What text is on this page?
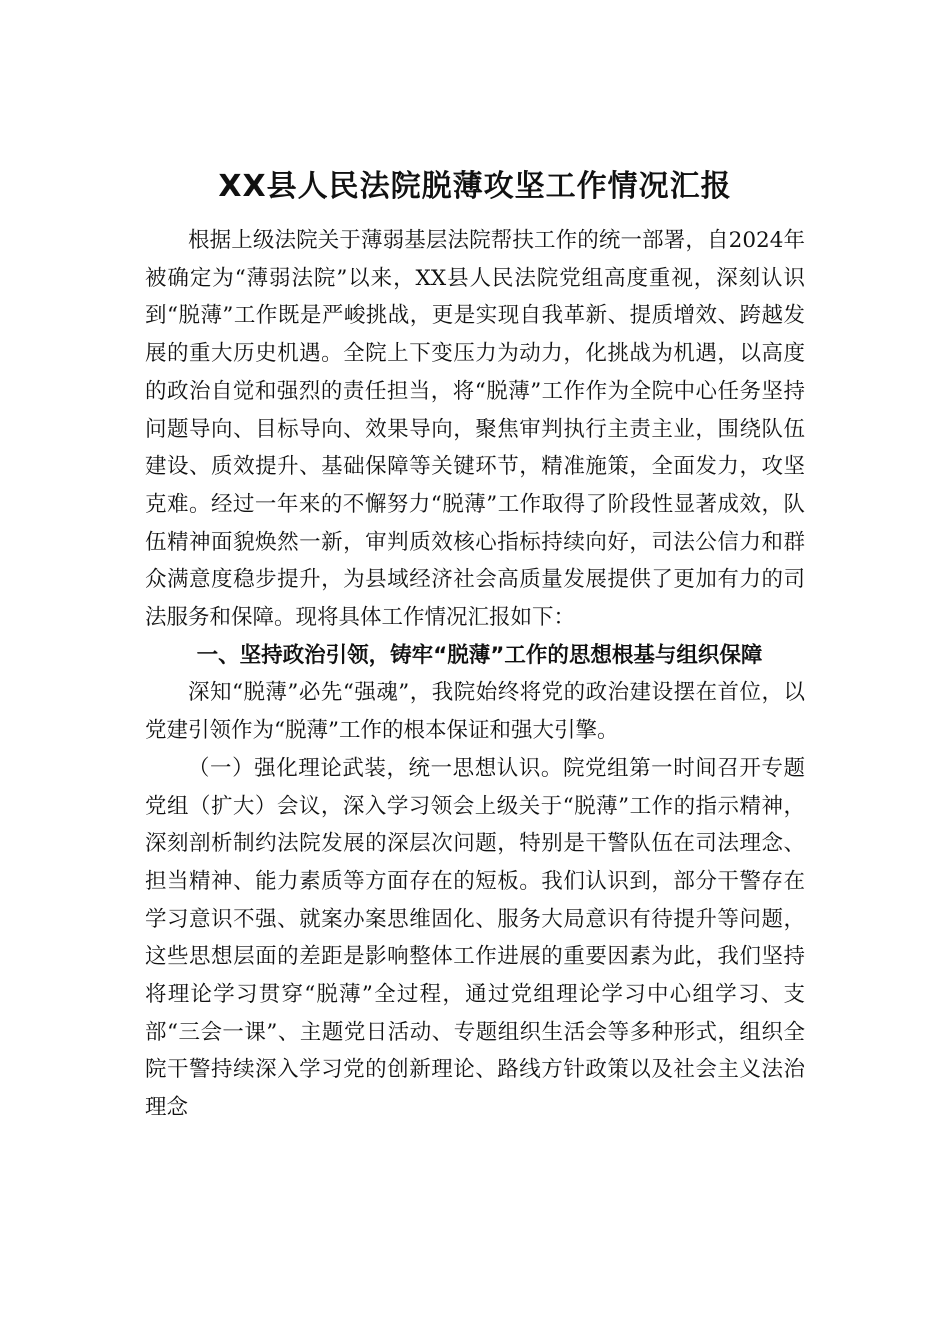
XX县人民法院脱薄攻坚工作情况汇报

根据上级法院关于薄弱基层法院帮扶工作的统一部署，自2024年被确定为“薄弱法院”以来，XX县人民法院党组高度重视，深刻认识到“脱薄”工作既是严峻挑战，更是实现自我革新、提质增效、跨越发展的重大历史机遇。全院上下变压力为动力，化挑战为机遇，以高度的政治自觉和强烈的责任担当，将“脱薄”工作作为全院中心任务坚持问题导向、目标导向、效果导向，聚焦审判执行主责主业，围绕队伍建设、质效提升、基础保障等关键环节，精准施策，全面发力，攻坚克难。经过一年来的不懈努力“脱薄”工作取得了阶段性显著成效，队伍精神面貌焕然一新，审判质效核心指标持续向好，司法公信力和群众满意度稳步提升，为县域经济社会高质量发展提供了更加有力的司法服务和保障。现将具体工作情况汇报如下：

一、坚持政治引领，铸牢“脱薄”工作的思想根基与组织保障

深知“脱薄”必先“强魂”，我院始终将党的政治建设摆在首位，以党建引领作为“脱薄”工作的根本保证和强大引擎。

（一）强化理论武装，统一思想认识。院党组第一时间召开专题党组（扩大）会议，深入学习领会上级关于“脱薄”工作的指示精神，深刻剖析制约法院发展的深层次问题，特别是干警队伍在司法理念、担当精神、能力素质等方面存在的短板。我们认识到，部分干警存在学习意识不强、就案办案思维固化、服务大局意识有待提升等问题，这些思想层面的差距是影响整体工作进展的重要因素为此，我们坚持将理论学习贯穿“脱薄”全过程，通过党组理论学习中心组学习、支部“三会一课”、主题党日活动、专题组织生活会等多种形式，组织全院干警持续深入学习党的创新理论、路线方针政策以及社会主义法治理念
